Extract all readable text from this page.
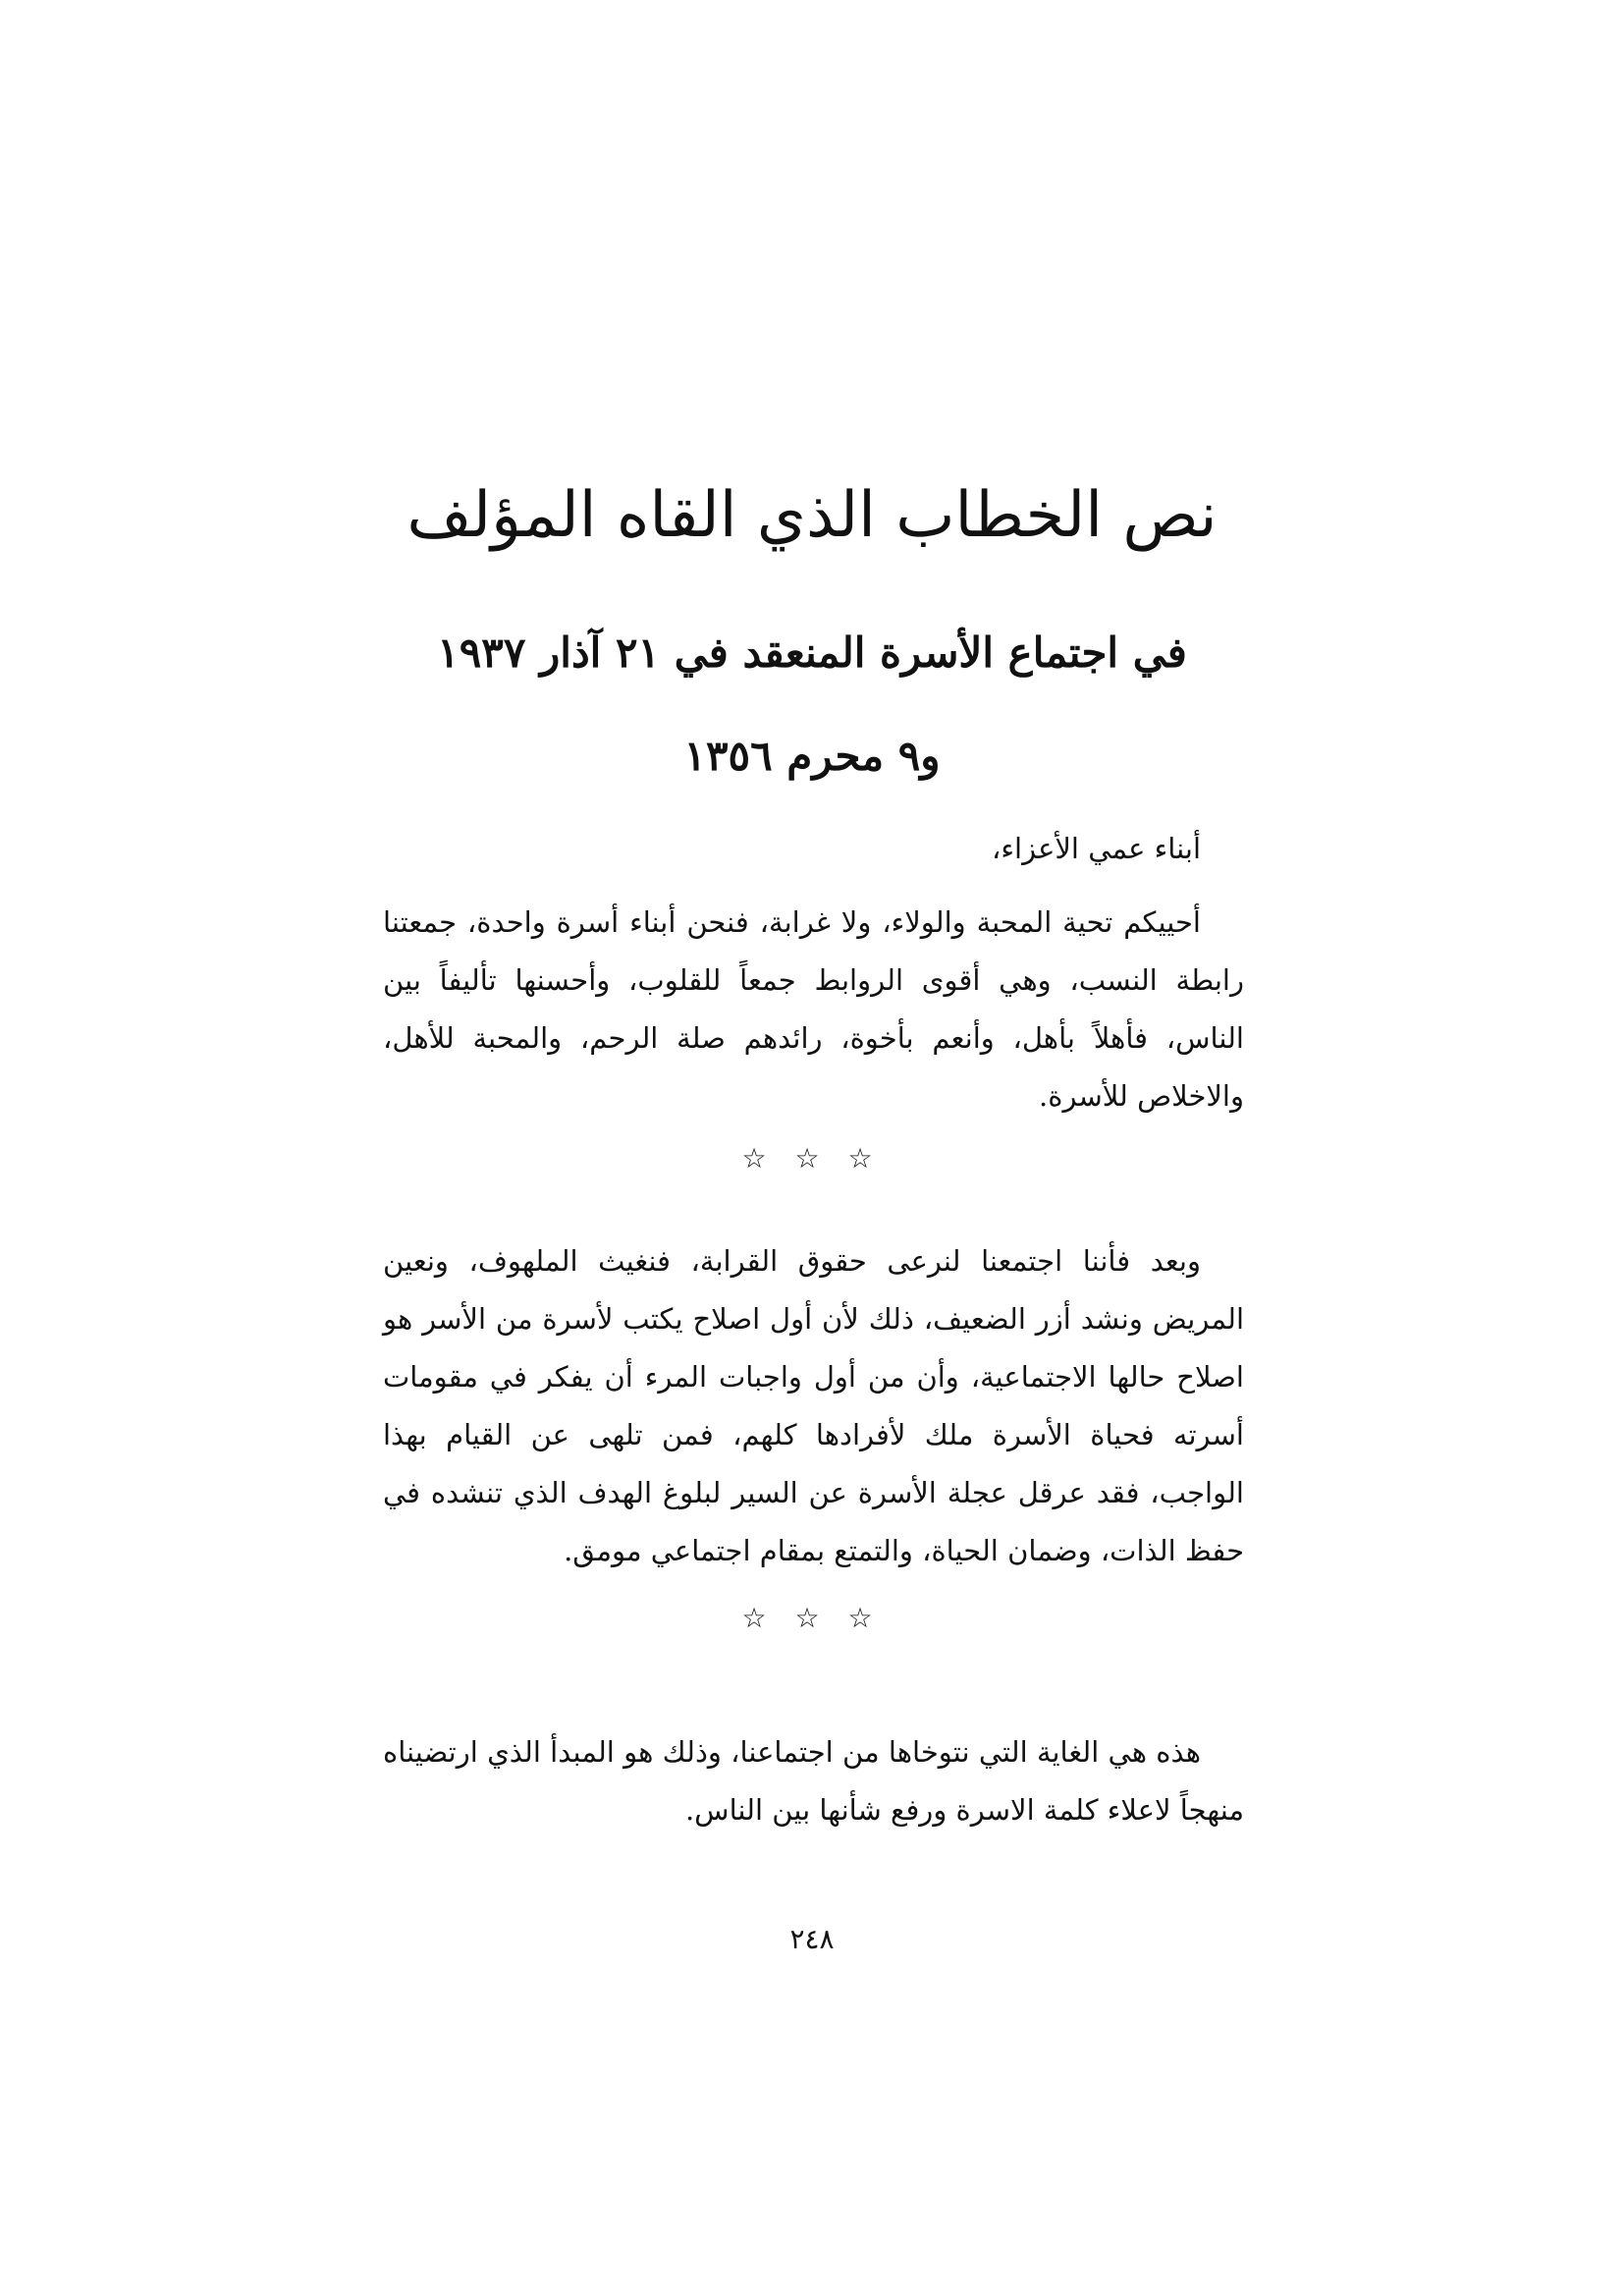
نص الخطاب الذي القاه المؤلف
في اجتماع الأسرة المنعقد في ٢١ آذار ١٩٣٧
و٩ محرم ١٣٥٦

أبناء عمي الأعزاء،

أحييكم تحية المحبة والولاء، ولا غرابة، فنحن أبناء أسرة واحدة، جمعتنا رابطة النسب، وهي أقوى الروابط جمعاً للقلوب، وأحسنها تأليفاً بين الناس، فأهلاً بأهل، وأنعم بأخوة، رائدهم صلة الرحم، والمحبة للأهل، والاخلاص للأسرة.

☆ ☆ ☆

وبعد فأننا اجتمعنا لنرعى حقوق القرابة، فنغيث الملهوف، ونعين المريض ونشد أزر الضعيف، ذلك لأن أول اصلاح يكتب لأسرة من الأسر هو اصلاح حالها الاجتماعية، وأن من أول واجبات المرء أن يفكر في مقومات أسرته فحياة الأسرة ملك لأفرادها كلهم، فمن تلهى عن القيام بهذا الواجب، فقد عرقل عجلة الأسرة عن السير لبلوغ الهدف الذي تنشده في حفظ الذات، وضمان الحياة، والتمتع بمقام اجتماعي مومق.

☆ ☆ ☆

هذه هي الغاية التي نتوخاها من اجتماعنا، وذلك هو المبدأ الذي ارتضيناه منهجاً لاعلاء كلمة الاسرة ورفع شأنها بين الناس.

٢٤٨
